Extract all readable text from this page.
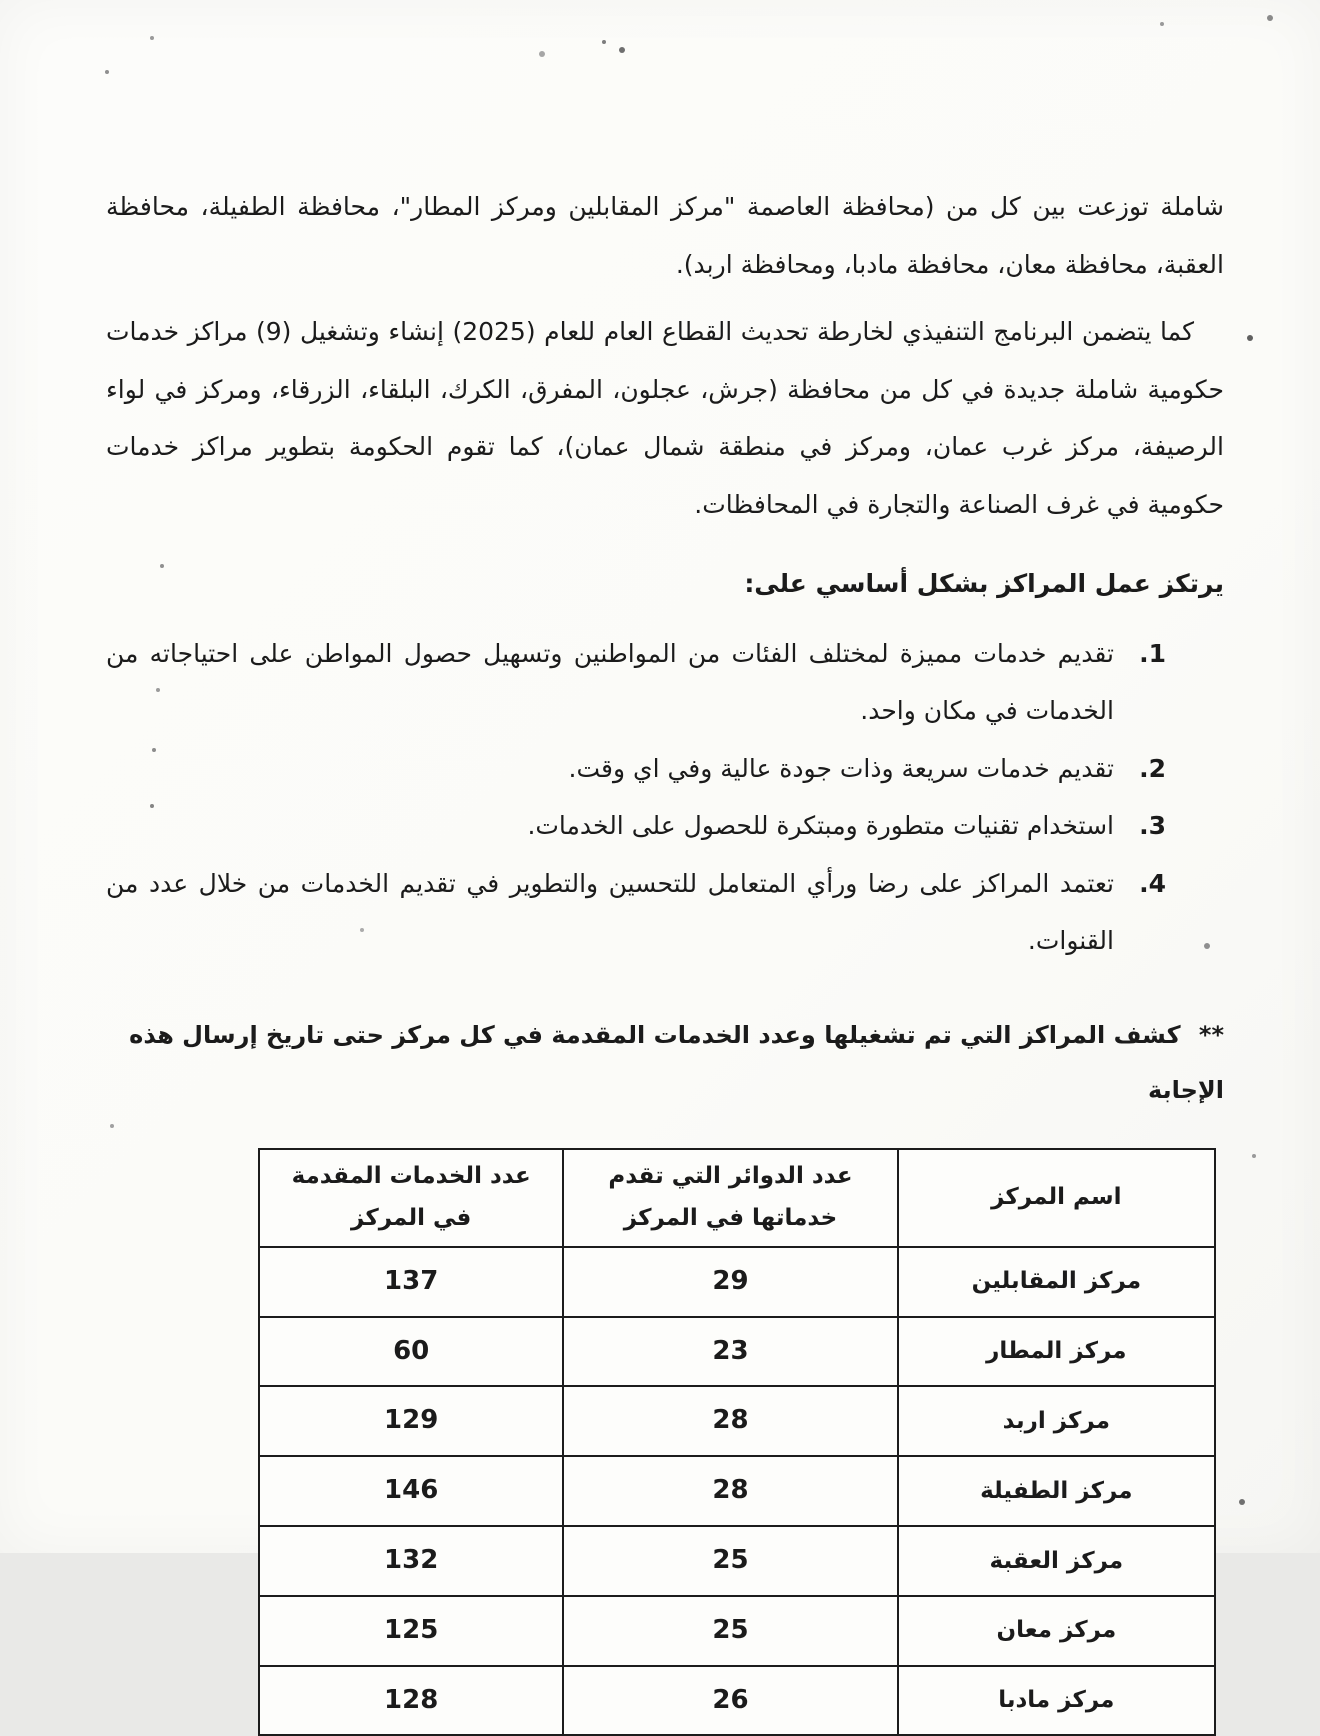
شاملة توزعت بين كل من (محافظة العاصمة "مركز المقابلين ومركز المطار"، محافظة الطفيلة، محافظة العقبة، محافظة معان، محافظة مادبا، ومحافظة اربد).

كما يتضمن البرنامج التنفيذي لخارطة تحديث القطاع العام للعام (2025) إنشاء وتشغيل (9) مراكز خدمات حكومية شاملة جديدة في كل من محافظة (جرش، عجلون، المفرق، الكرك، البلقاء، الزرقاء، ومركز في لواء الرصيفة، مركز غرب عمان، ومركز في منطقة شمال عمان)، كما تقوم الحكومة بتطوير مراكز خدمات حكومية في غرف الصناعة والتجارة في المحافظات.

يرتكز عمل المراكز بشكل أساسي على:

1.
تقديم خدمات مميزة لمختلف الفئات من المواطنين وتسهيل حصول المواطن على احتياجاته من الخدمات في مكان واحد.
2.
تقديم خدمات سريعة وذات جودة عالية وفي اي وقت.
3.
استخدام تقنيات متطورة ومبتكرة للحصول على الخدمات.
4.
تعتمد المراكز على رضا ورأي المتعامل للتحسين والتطوير في تقديم الخدمات من خلال عدد من القنوات.

** كشف المراكز التي تم تشغيلها وعدد الخدمات المقدمة في كل مركز حتى تاريخ إرسال هذه الإجابة

اسم المركز	عدد الدوائر التي تقدم خدماتها في المركز	عدد الخدمات المقدمة في المركز
مركز المقابلين	29	137
مركز المطار	23	60
مركز اربد	28	129
مركز الطفيلة	28	146
مركز العقبة	25	132
مركز معان	25	125
مركز مادبا	26	128
